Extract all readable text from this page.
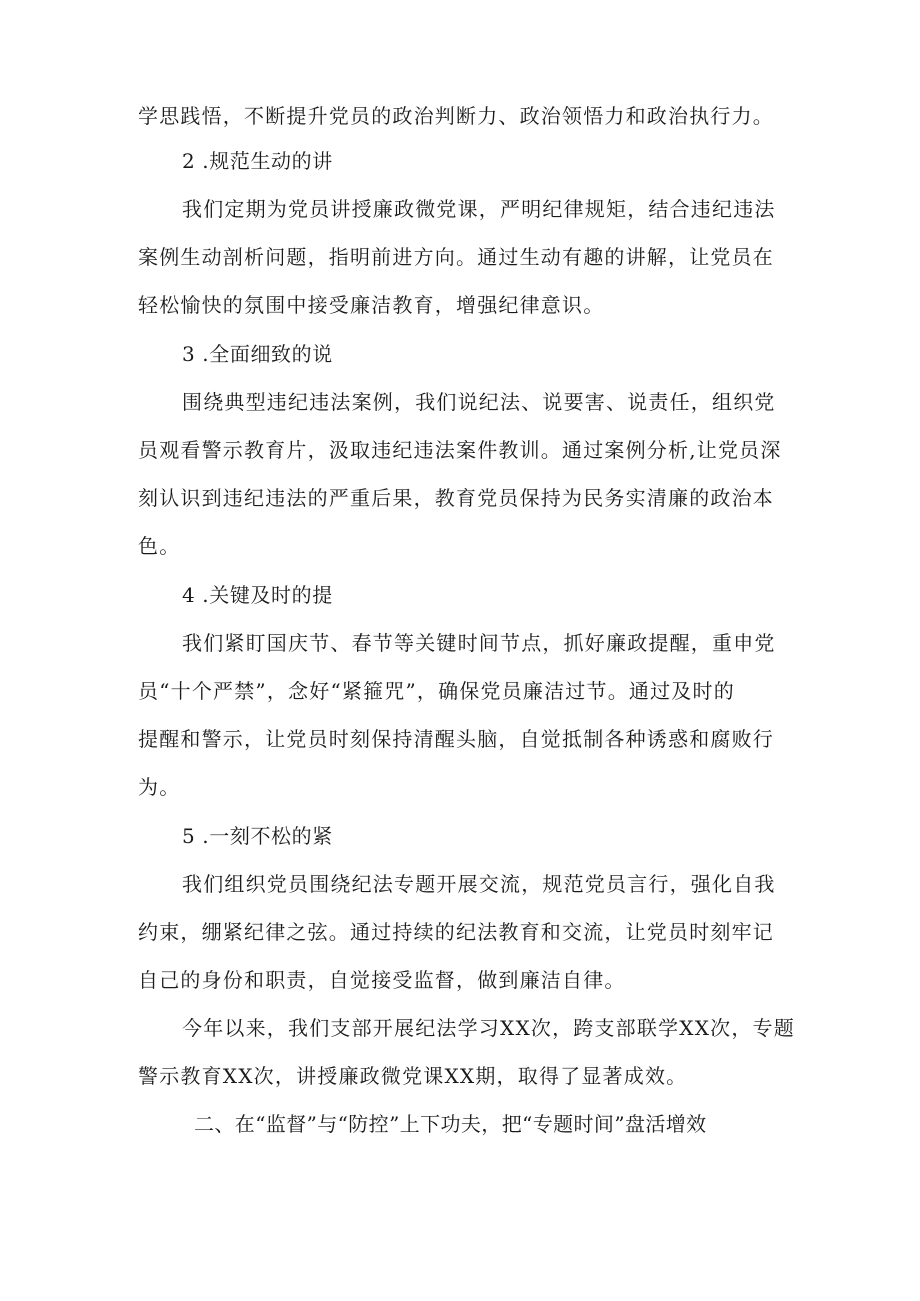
学思践悟，不断提升党员的政治判断力、政治领悟力和政治执行力。
2 .规范生动的讲
我们定期为党员讲授廉政微党课，严明纪律规矩，结合违纪违法
案例生动剖析问题，指明前进方向。通过生动有趣的讲解，让党员在
轻松愉快的氛围中接受廉洁教育，增强纪律意识。
3 .全面细致的说
围绕典型违纪违法案例，我们说纪法、说要害、说责任，组织党
员观看警示教育片，汲取违纪违法案件教训。通过案例分析,让党员深
刻认识到违纪违法的严重后果，教育党员保持为民务实清廉的政治本
色。
4 .关键及时的提
我们紧盯国庆节、春节等关键时间节点，抓好廉政提醒，重申党
员“十个严禁”，念好“紧箍咒”，确保党员廉洁过节。通过及时的
提醒和警示，让党员时刻保持清醒头脑，自觉抵制各种诱惑和腐败行
为。
5 .一刻不松的紧
我们组织党员围绕纪法专题开展交流，规范党员言行，强化自我
约束，绷紧纪律之弦。通过持续的纪法教育和交流，让党员时刻牢记
自己的身份和职责，自觉接受监督，做到廉洁自律。
今年以来，我们支部开展纪法学习XX次，跨支部联学XX次，专题
警示教育XX次，讲授廉政微党课XX期，取得了显著成效。
二、在“监督”与“防控”上下功夫，把“专题时间”盘活增效
